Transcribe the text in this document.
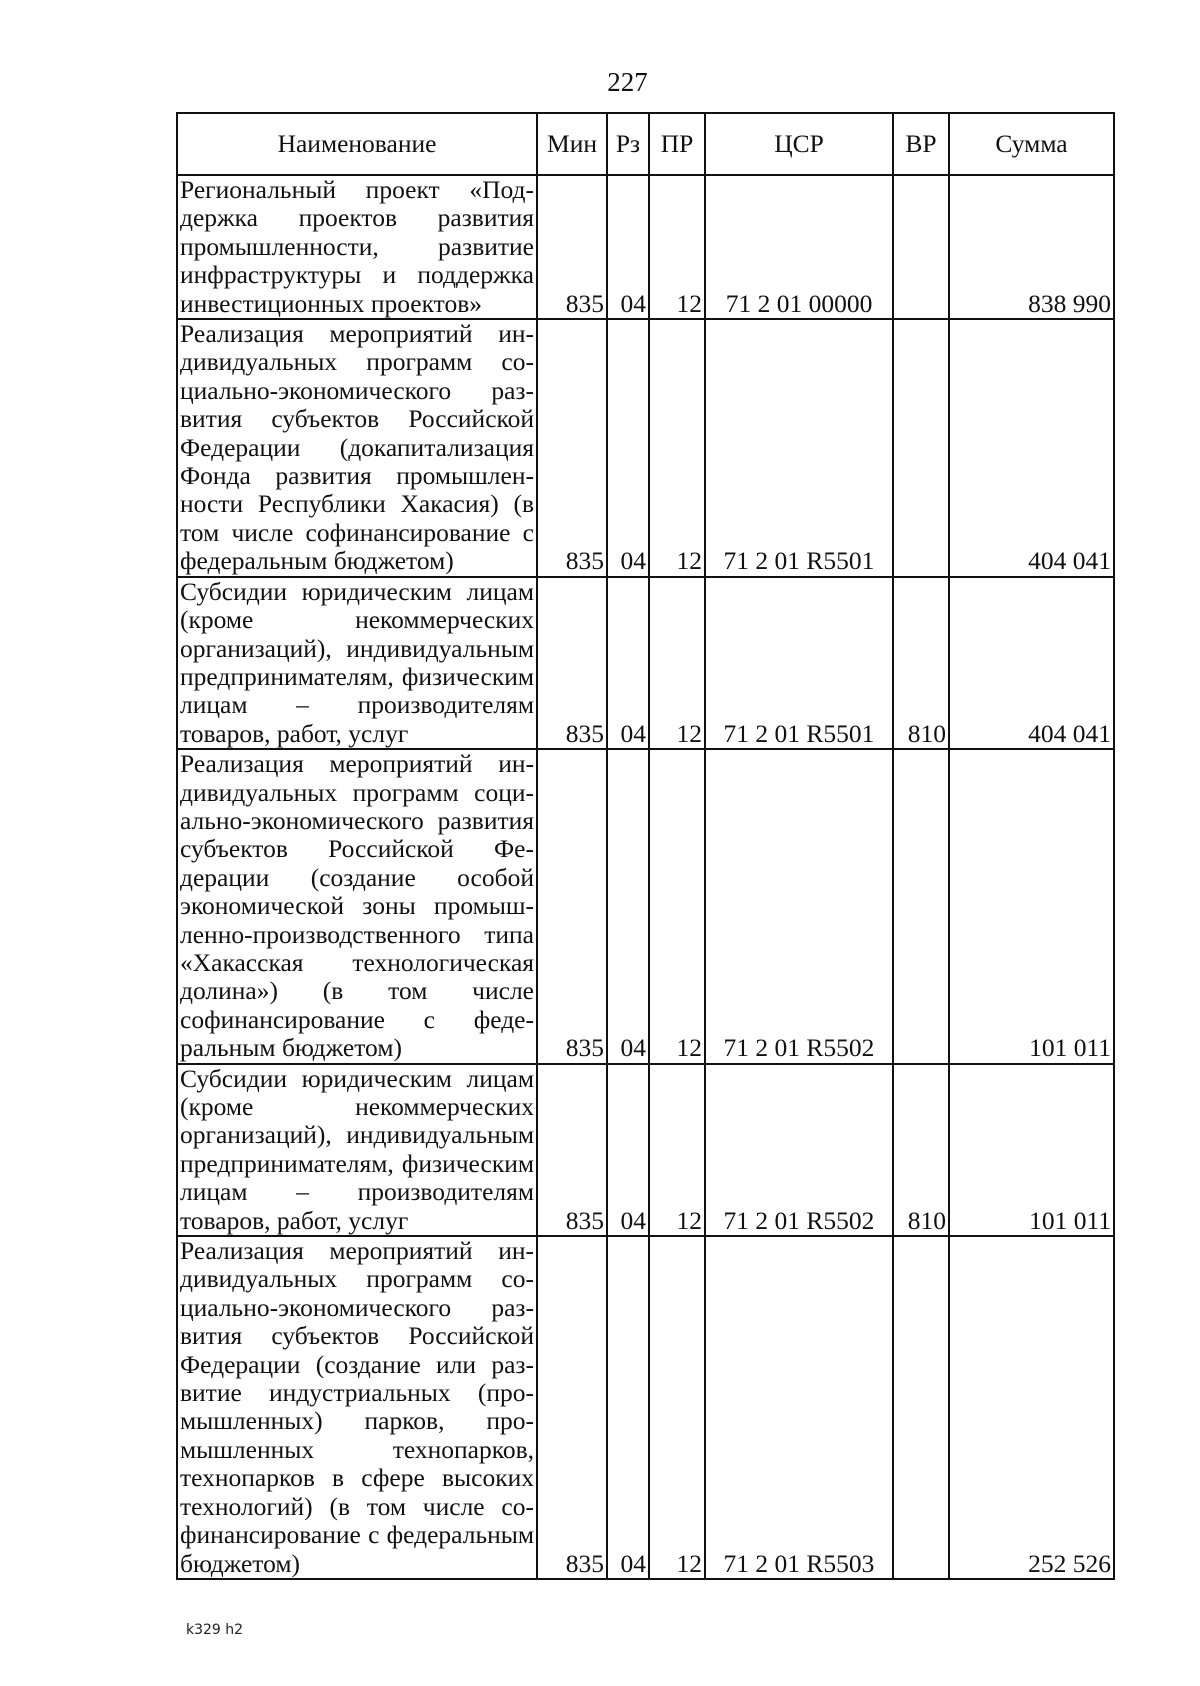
227
Наименование	Мин	Рз	ПР	ЦСР	ВР	Сумма
Региональный проект «Поддержка проектов развития промышленности, развитие инфраструктуры и поддержка инвестиционных проектов»	835	04	12	71 2 01 00000		838 990
Реализация мероприятий индивидуальных программ социально-экономического развития субъектов Российской Федерации (докапитализация Фонда развития промышленности Республики Хакасия) (в том числе софинансирование с федеральным бюджетом)	835	04	12	71 2 01 R5501		404 041
Субсидии юридическим лицам (кроме некоммерческих организаций), индивидуальным предпринимателям, физическим лицам – производителям товаров, работ, услуг	835	04	12	71 2 01 R5501	810	404 041
Реализация мероприятий индивидуальных программ социально-экономического развития субъектов Российской Федерации (создание особой экономической зоны промышленно-производственного типа «Хакасская технологическая долина») (в том числе софинансирование с федеральным бюджетом)	835	04	12	71 2 01 R5502		101 011
Субсидии юридическим лицам (кроме некоммерческих организаций), индивидуальным предпринимателям, физическим лицам – производителям товаров, работ, услуг	835	04	12	71 2 01 R5502	810	101 011
Реализация мероприятий индивидуальных программ социально-экономического развития субъектов Российской Федерации (создание или развитие индустриальных (промышленных) парков, промышленных технопарков, технопарков в сфере высоких технологий) (в том числе софинансирование с федеральным бюджетом)	835	04	12	71 2 01 R5503		252 526
k329 h2
